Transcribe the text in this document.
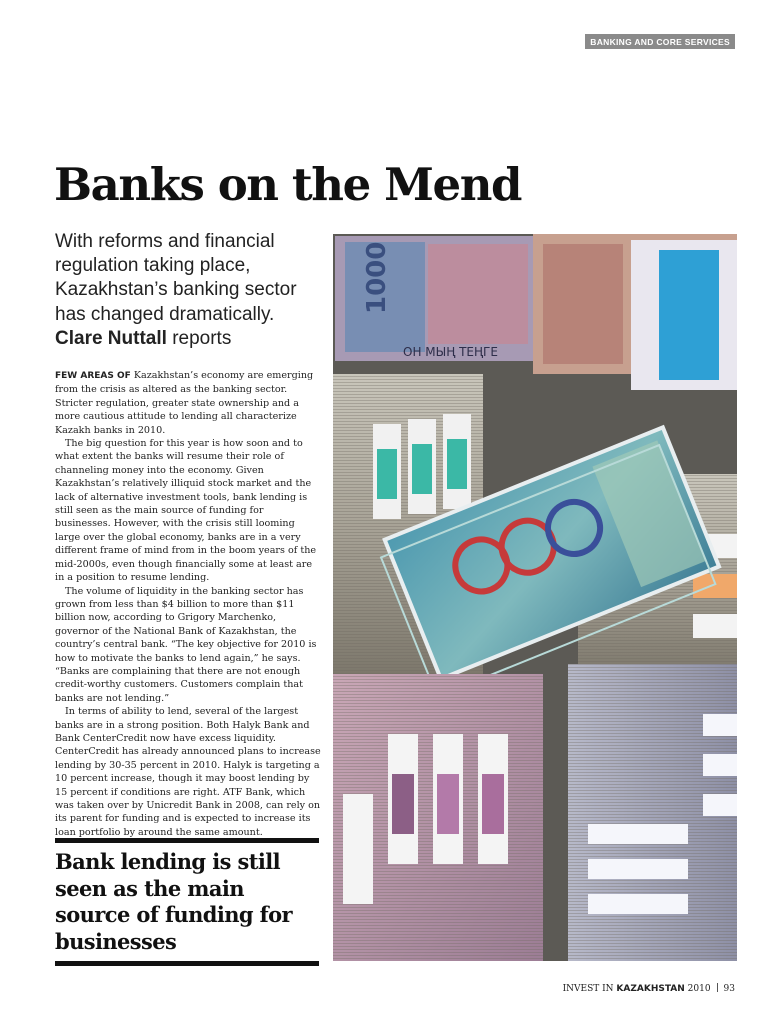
BANKING AND CORE SERVICES
Banks on the Mend

With reforms and financial regulation taking place, Kazakhstan’s banking sector has changed dramatically.
Clare Nuttall reports

FEW AREAS OF Kazakhstan’s economy are emerging from the crisis as altered as the banking sector. Stricter regulation, greater state ownership and a more cautious attitude to lending all characterize Kazakh banks in 2010.

The big question for this year is how soon and to what extent the banks will resume their role of channeling money into the economy. Given Kazakhstan’s relatively illiquid stock market and the lack of alternative investment tools, bank lending is still seen as the main source of funding for businesses. However, with the crisis still looming large over the global economy, banks are in a very different frame of mind from in the boom years of the mid-2000s, even though financially some at least are in a position to resume lending.

The volume of liquidity in the banking sector has grown from less than $4 billion to more than $11 billion now, according to Grigory Marchenko, governor of the National Bank of Kazakhstan, the country’s central bank. “The key objective for 2010 is how to motivate the banks to lend again,” he says. “Banks are complaining that there are not enough credit-worthy customers. Customers complain that banks are not lending.”

In terms of ability to lend, several of the largest banks are in a strong position. Both Halyk Bank and Bank CenterCredit now have excess liquidity. CenterCredit has already announced plans to increase lending by 30-35 percent in 2010. Halyk is targeting a 10 percent increase, though it may boost lending by 15 percent if conditions are right. ATF Bank, which was taken over by Unicredit Bank in 2008, can rely on its parent for funding and is expected to increase its loan portfolio by around the same amount.

Bank lending is still seen as the main source of funding for businesses

1000
ОН МЫҢ ТЕҢГЕ
INVEST IN KAZAKHSTAN 2010 93
